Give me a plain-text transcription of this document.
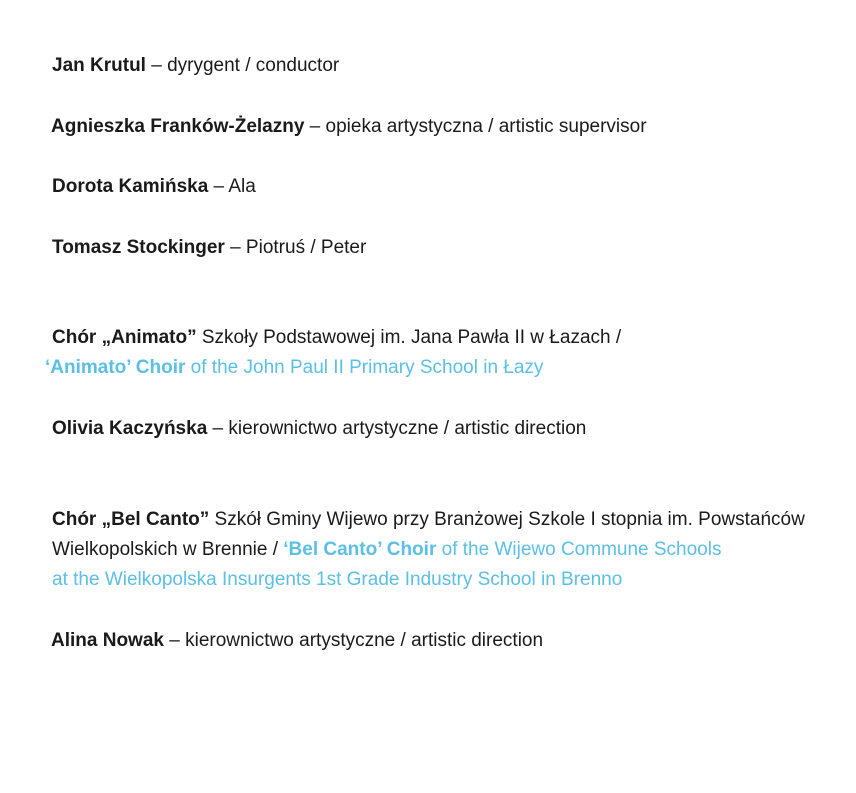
Jan Krutul – dyrygent / conductor
Agnieszka Franków-Żelazny – opieka artystyczna / artistic supervisor
Dorota Kamińska – Ala
Tomasz Stockinger – Piotruś / Peter
Chór „Animato” Szkoły Podstawowej im. Jana Pawła II w Łazach /
‘Animato’ Choir of the John Paul II Primary School in Łazy
Olivia Kaczyńska – kierownictwo artystyczne / artistic direction
Chór „Bel Canto” Szkół Gminy Wijewo przy Branżowej Szkole I stopnia im. Powstańców
Wielkopolskich w Brennie / ‘Bel Canto’ Choir of the Wijewo Commune Schools
at the Wielkopolska Insurgents 1st Grade Industry School in Brenno
Alina Nowak – kierownictwo artystyczne / artistic direction
